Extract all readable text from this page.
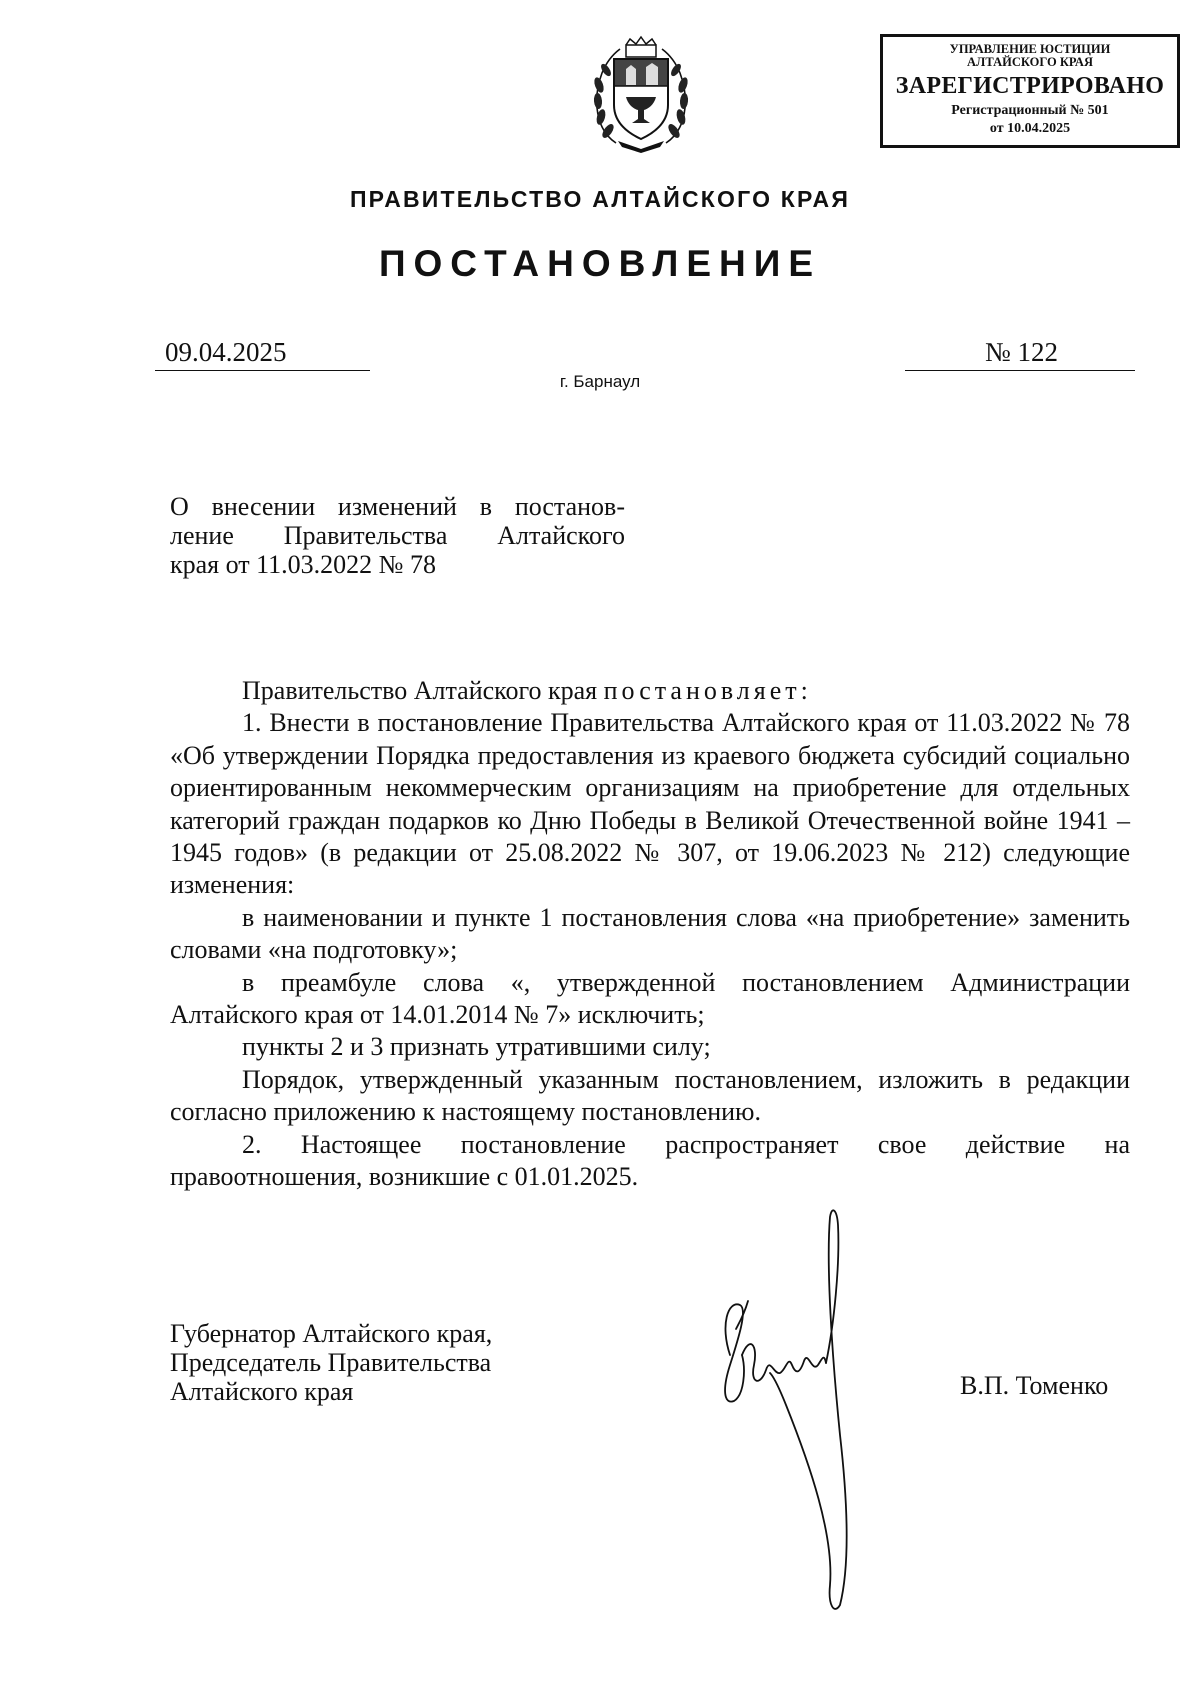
УПРАВЛЕНИЕ ЮСТИЦИИ
АЛТАЙСКОГО КРАЯ
ЗАРЕГИСТРИРОВАНО
Регистрационный № 501
от 10.04.2025
ПРАВИТЕЛЬСТВО АЛТАЙСКОГО КРАЯ
ПОСТАНОВЛЕНИЕ
09.04.2025	№ 122
г. Барнаул
О внесении изменений в постанов-
ление Правительства Алтайского
края от 11.03.2022 № 78

Правительство Алтайского края постановляет:

1. Внести в постановление Правительства Алтайского края от 11.03.2022 № 78 «Об утверждении Порядка предоставления из краевого бюджета субсидий социально ориентированным некоммерческим организациям на приобретение для отдельных категорий граждан подарков ко Дню Победы в Великой Отечественной войне 1941 – 1945 годов» (в редакции от 25.08.2022 № 307, от 19.06.2023 № 212) следующие изменения:

в наименовании и пункте 1 постановления слова «на приобретение» заменить словами «на подготовку»;

в преамбуле слова «, утвержденной постановлением Администрации Алтайского края от 14.01.2014 № 7» исключить;

пункты 2 и 3 признать утратившими силу;

Порядок, утвержденный указанным постановлением, изложить в редакции согласно приложению к настоящему постановлению.

2. Настоящее постановление распространяет свое действие на правоотношения, возникшие с 01.01.2025.

Губернатор Алтайского края,
Председатель Правительства
Алтайского края	В.П. Томенко
